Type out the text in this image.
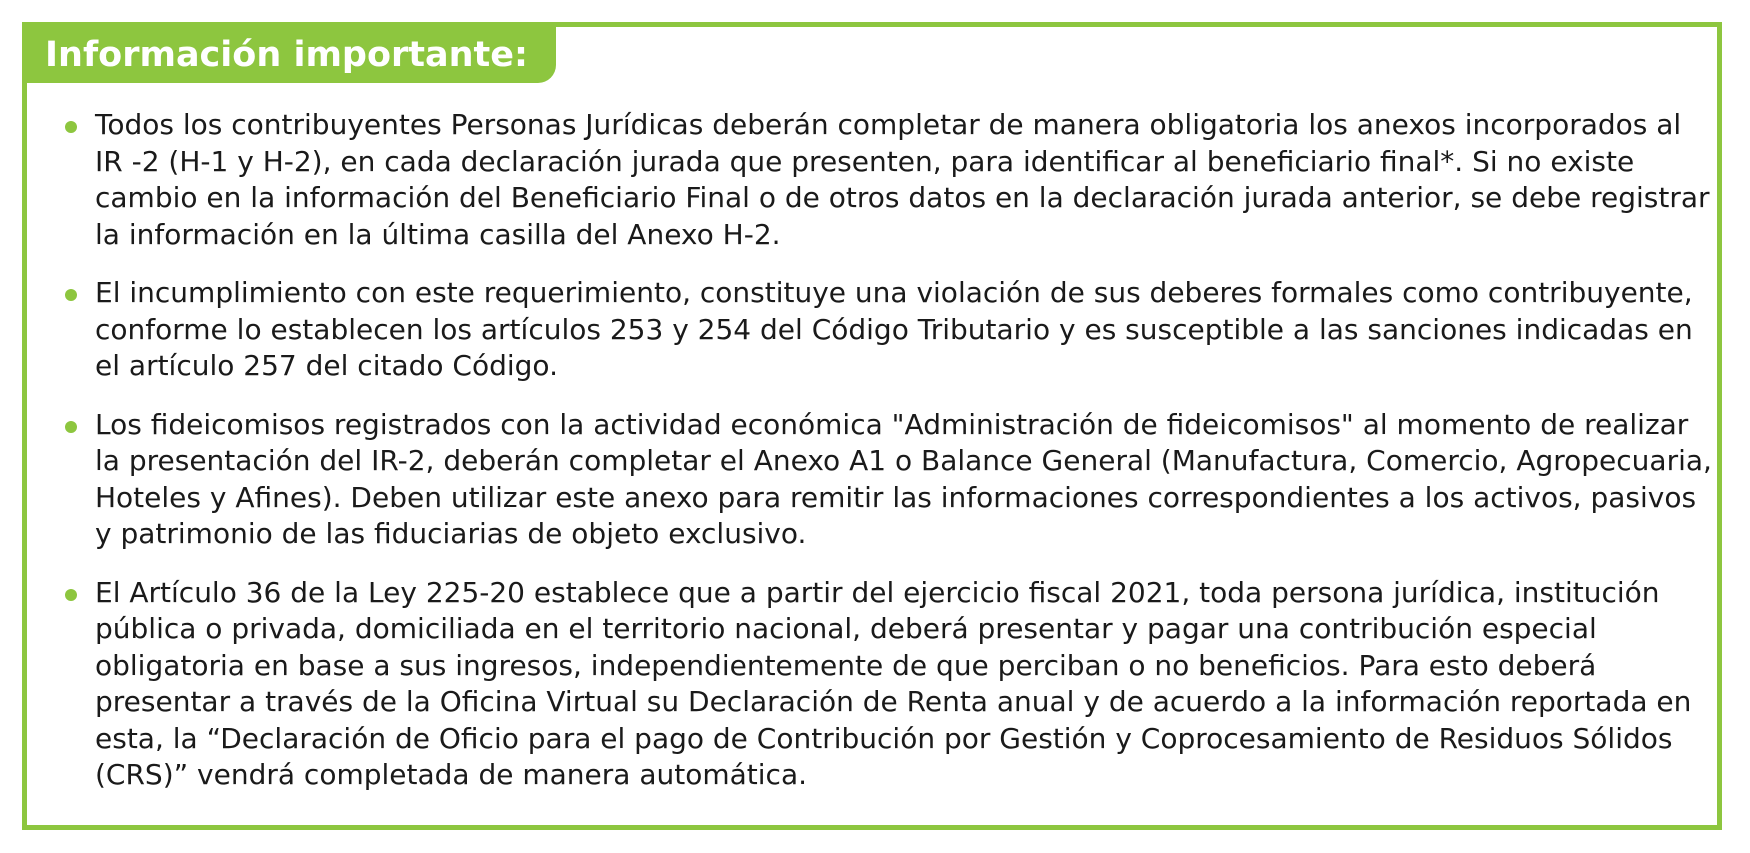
Información importante:
Todos los contribuyentes Personas Jurídicas deberán completar de manera obligatoria los anexos incorporados al IR -2 (H-1 y H-2), en cada declaración jurada que presenten, para identificar al beneficiario final*. Si no existe cambio en la información del Beneficiario Final o de otros datos en la declaración jurada anterior, se debe registrar la información en la última casilla del Anexo H-2.
El incumplimiento con este requerimiento, constituye una violación de sus deberes formales como contribuyente, conforme lo establecen los artículos 253 y 254 del Código Tributario y es susceptible a las sanciones indicadas en el artículo 257 del citado Código.
Los fideicomisos registrados con la actividad económica "Administración de fideicomisos" al momento de realizar la presentación del IR-2, deberán completar el Anexo A1 o Balance General (Manufactura, Comercio, Agropecuaria, Hoteles y Afines). Deben utilizar este anexo para remitir las informaciones correspondientes a los activos, pasivos y patrimonio de las fiduciarias de objeto exclusivo.
El Artículo 36 de la Ley 225-20 establece que a partir del ejercicio fiscal 2021, toda persona jurídica, institución pública o privada, domiciliada en el territorio nacional, deberá presentar y pagar una contribución especial obligatoria en base a sus ingresos, independientemente de que perciban o no beneficios. Para esto deberá presentar a través de la Oficina Virtual su Declaración de Renta anual y de acuerdo a la información reportada en esta, la “Declaración de Oficio para el pago de Contribución por Gestión y Coprocesamiento de Residuos Sólidos (CRS)” vendrá completada de manera automática.
